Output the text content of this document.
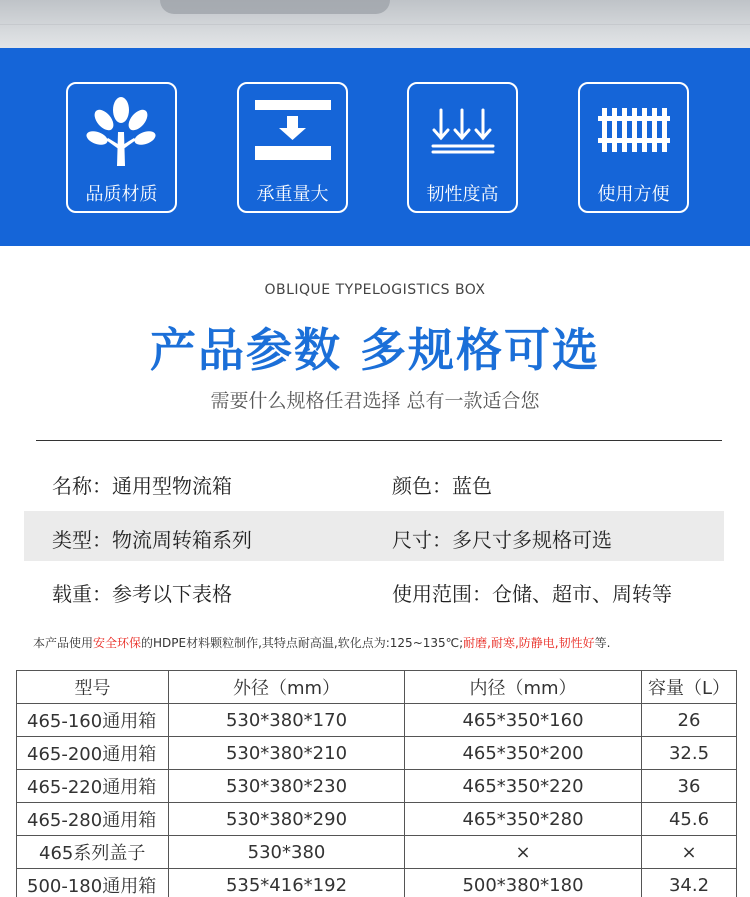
品质材质	承重量大	韧性度高	使用方便
OBLIQUE TYPELOGISTICS BOX
产品参数 多规格可选
需要什么规格任君选择 总有一款适合您
名称：通用型物流箱	颜色：蓝色
类型：物流周转箱系列	尺寸：多尺寸多规格可选
载重：参考以下表格	使用范围：仓储、超市、周转等
本产品使用安全环保的HDPE材料颗粒制作,其特点耐高温,软化点为:125~135℃;耐磨,耐寒,防静电,韧性好等.
型号	外径（mm）	内径（mm）	容量（L）
465-160通用箱	530*380*170	465*350*160	26
465-200通用箱	530*380*210	465*350*200	32.5
465-220通用箱	530*380*230	465*350*220	36
465-280通用箱	530*380*290	465*350*280	45.6
465系列盖子	530*380	×	×
500-180通用箱	535*416*192	500*380*180	34.2
